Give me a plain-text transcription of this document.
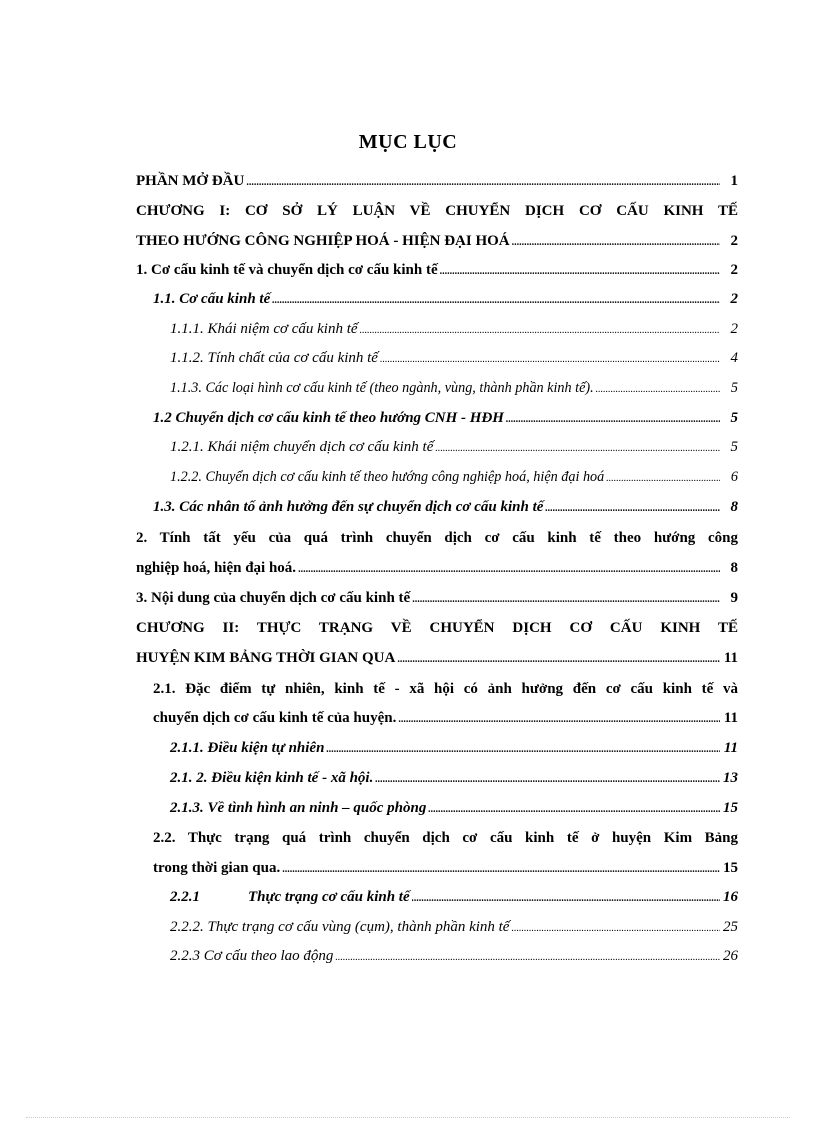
MỤC LỤC
PHẦN MỞ ĐẦU .....	1
CHƯƠNG I: CƠ SỞ LÝ LUẬN VỀ CHUYỂN DỊCH CƠ CẤU KINH TẾ
THEO HƯỚNG CÔNG NGHIỆP HOÁ - HIỆN ĐẠI HOÁ .....	2
1. Cơ cấu kinh tế và chuyển dịch cơ cấu kinh tế .....	2
1.1. Cơ cấu kinh tế .....	2
1.1.1. Khái niệm cơ cấu kinh tế .....	2
1.1.2. Tính chất của cơ cấu kinh tế .....	4
1.1.3. Các loại hình cơ cấu kinh tế (theo ngành, vùng, thành phần kinh tế). .....	5
1.2 Chuyển dịch cơ cấu kinh tế theo hướng CNH - HĐH .....	5
1.2.1. Khái niệm chuyển dịch cơ cấu kinh tế .....	5
1.2.2. Chuyển dịch cơ cấu kinh tế theo hướng công nghiệp hoá, hiện đại hoá .....	6
1.3. Các nhân tố ảnh hưởng đến sự chuyển dịch cơ cấu kinh tế .....	8
2. Tính tất yếu của quá trình chuyển dịch cơ cấu kinh tế theo hướng công
nghiệp hoá, hiện đại hoá. .....	8
3. Nội dung của chuyển dịch cơ cấu kinh tế .....	9
CHƯƠNG II: THỰC TRẠNG VỀ CHUYỂN DỊCH CƠ CẤU KINH TẾ
HUYỆN KIM BẢNG THỜI GIAN QUA .....	11
2.1. Đặc điểm tự nhiên, kinh tế - xã hội có ảnh hưởng đến cơ cấu kinh tế và
chuyển dịch cơ cấu kinh tế của huyện. .....	11
2.1.1. Điều kiện tự nhiên .....	11
2.1. 2. Điều kiện kinh tế - xã hội. .....	13
2.1.3. Về tình hình an ninh – quốc phòng .....	15
2.2. Thực trạng quá trình chuyển dịch cơ cấu kinh tế ở huyện Kim Bảng
trong thời gian qua. .....	15
2.2.1	Thực trạng cơ cấu kinh tế .....	16
2.2.2. Thực trạng cơ cấu vùng (cụm), thành phần kinh tế .....	25
2.2.3 Cơ cấu theo lao động .....	26
